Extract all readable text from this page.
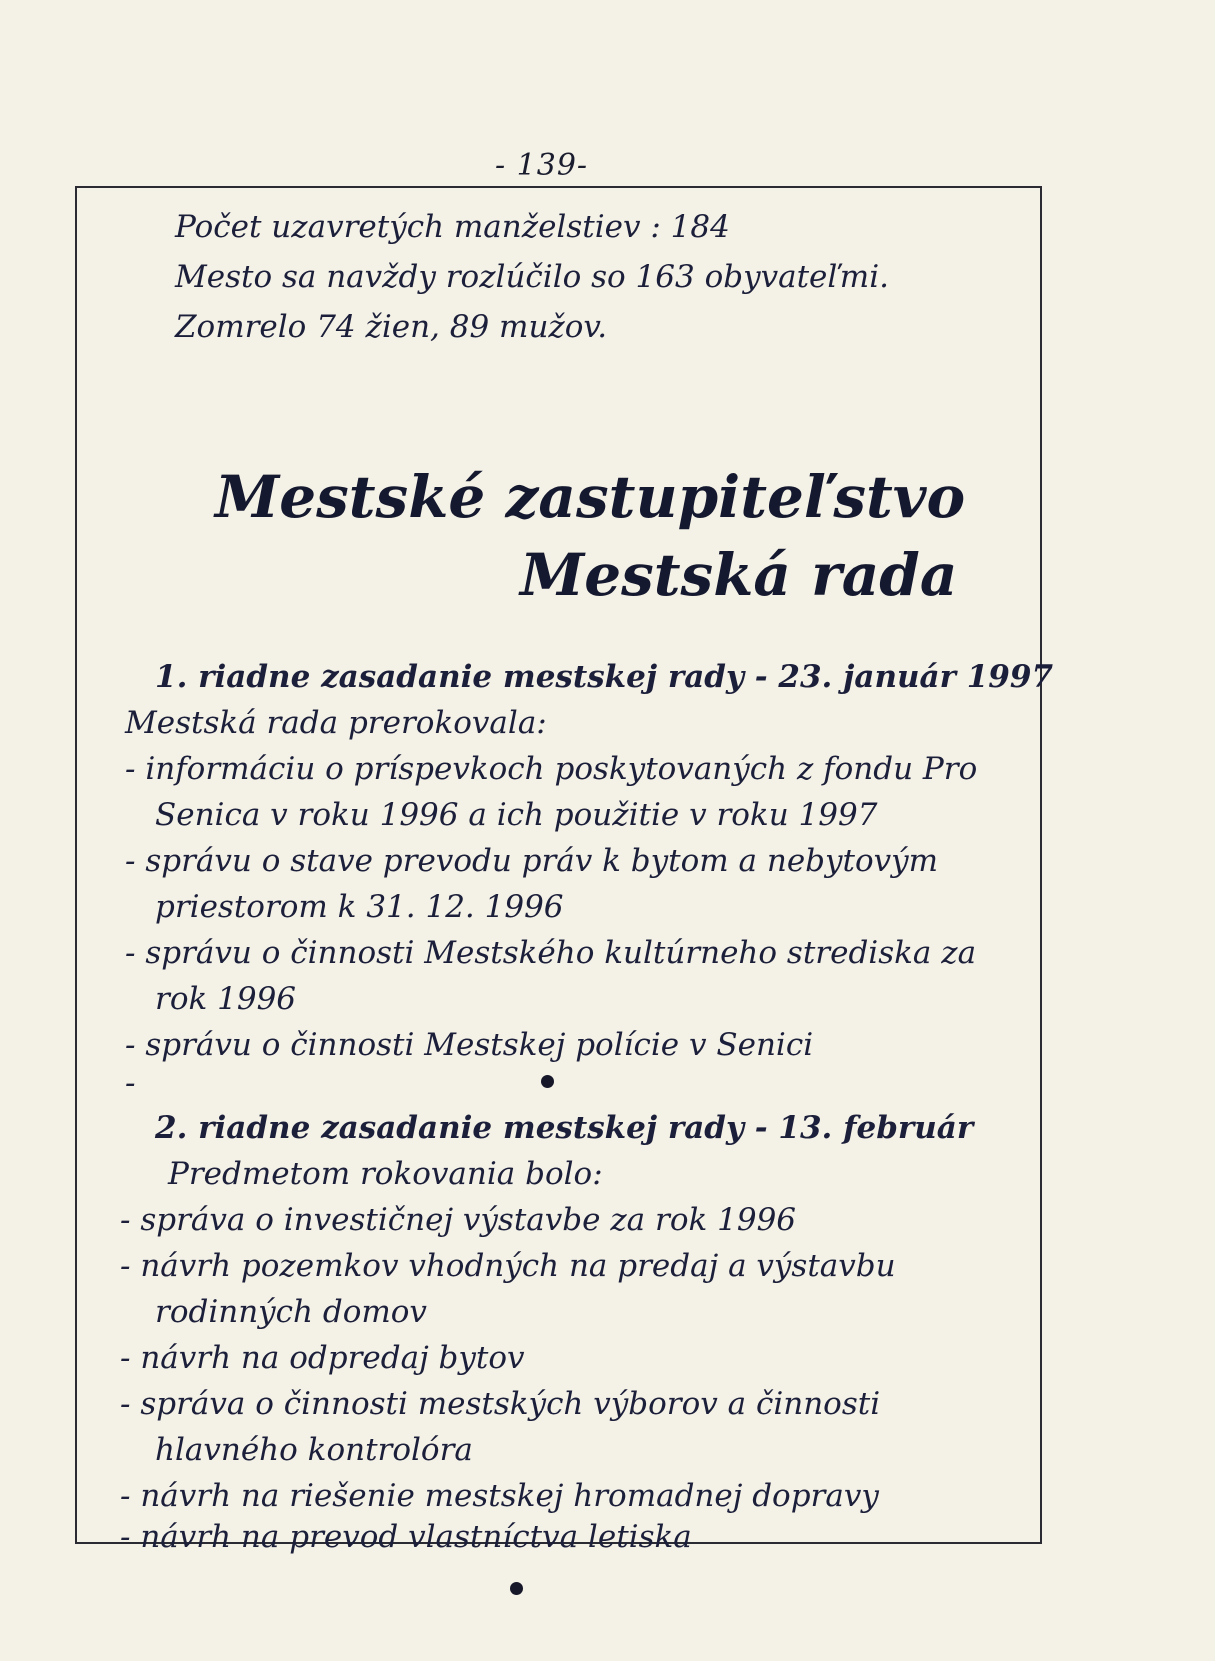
- 139-
Počet uzavretých manželstiev : 184
Mesto sa navždy rozlúčilo so 163 obyvateľmi.
Zomrelo 74 žien, 89 mužov.
Mestské zastupiteľstvo
Mestská rada
1. riadne zasadanie mestskej rady - 23. január 1997
Mestská rada prerokovala:
- informáciu o príspevkoch poskytovaných z fondu Pro
Senica v roku 1996 a ich použitie v roku 1997
- správu o stave prevodu práv k bytom a nebytovým
priestorom k 31. 12. 1996
- správu o činnosti Mestského kultúrneho strediska za
rok 1996
- správu o činnosti Mestskej polície v Senici
-
2. riadne zasadanie mestskej rady - 13. február
Predmetom rokovania bolo:
- správa o investičnej výstavbe za rok 1996
- návrh pozemkov vhodných na predaj a výstavbu
rodinných domov
- návrh na odpredaj bytov
- správa o činnosti mestských výborov a činnosti
hlavného kontrolóra
- návrh na riešenie mestskej hromadnej dopravy
- návrh na prevod vlastníctva letiska
